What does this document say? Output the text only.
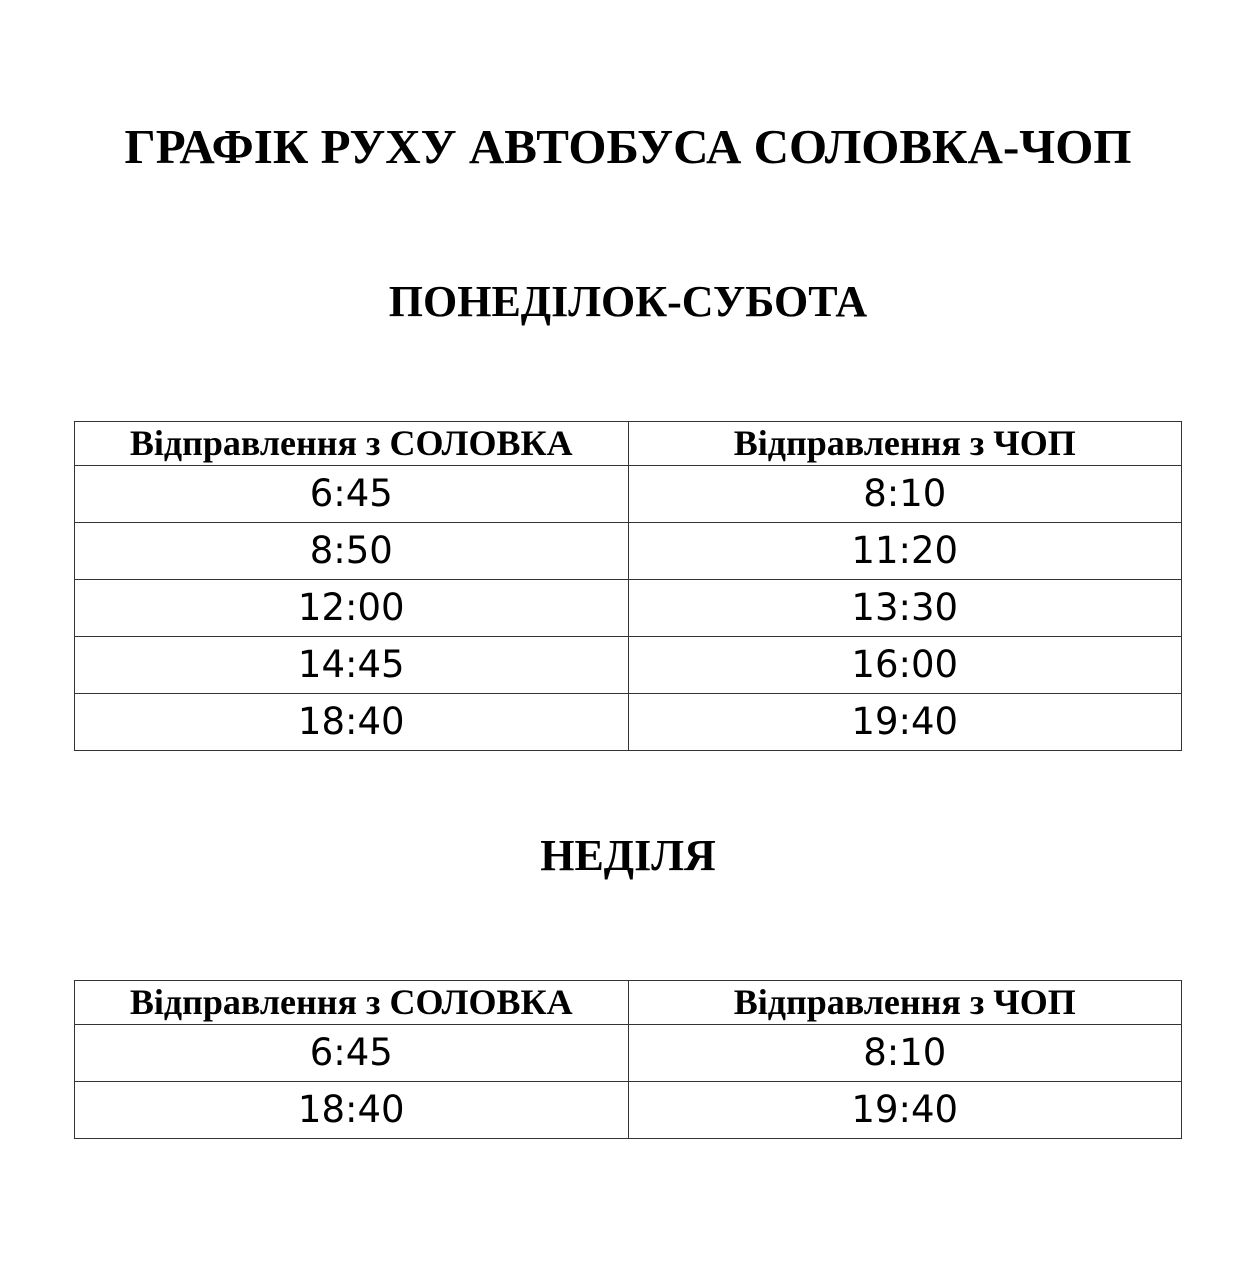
ГРАФІК РУХУ АВТОБУСА СОЛОВКА-ЧОП
ПОНЕДІЛОК-СУБОТА
Відправлення з СОЛОВКА	Відправлення з ЧОП
6:45	8:10
8:50	11:20
12:00	13:30
14:45	16:00
18:40	19:40
НЕДІЛЯ
Відправлення з СОЛОВКА	Відправлення з ЧОП
6:45	8:10
18:40	19:40
